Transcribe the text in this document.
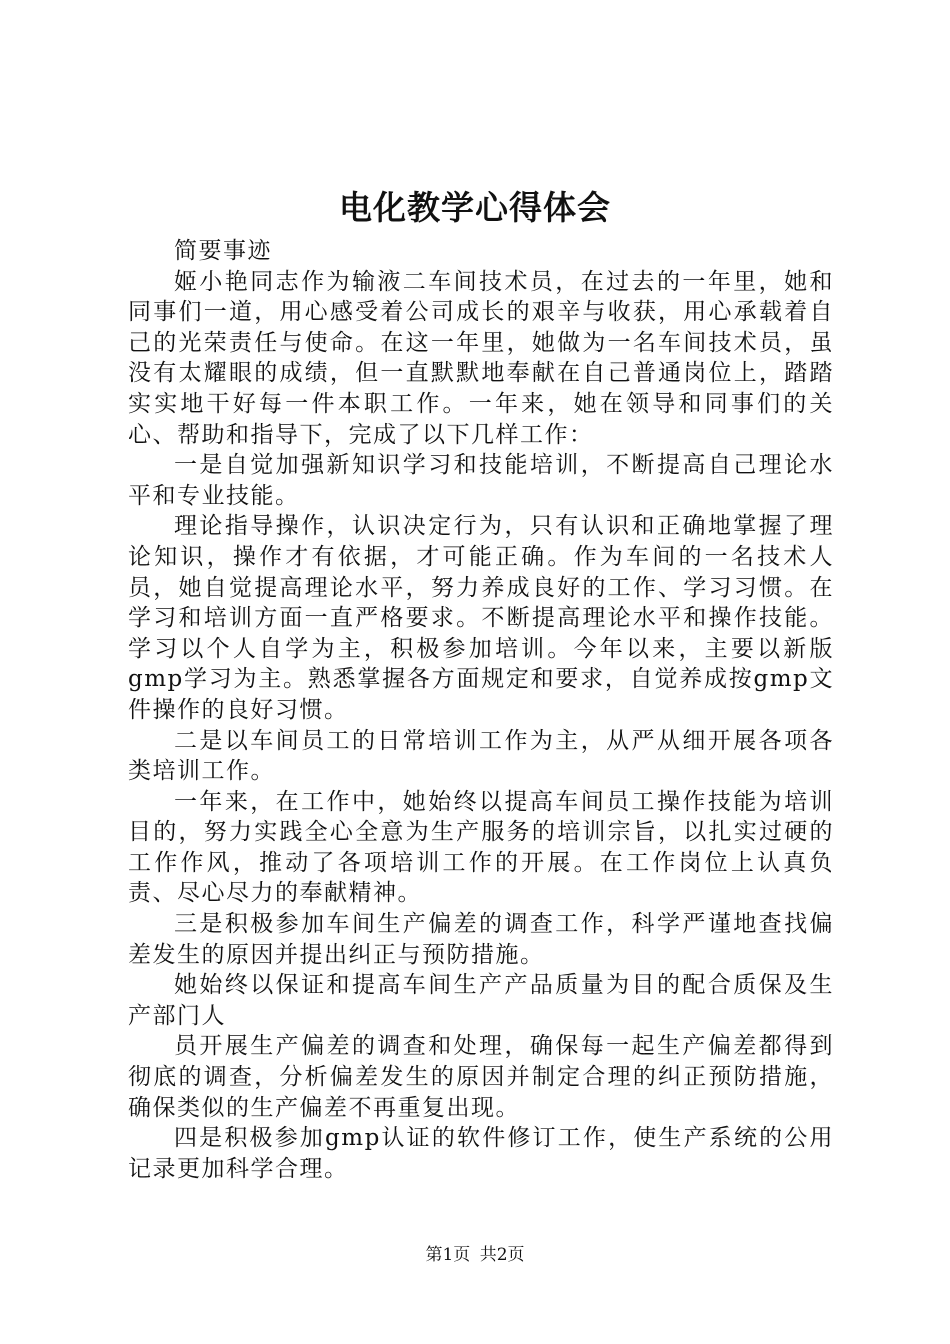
电化教学心得体会

简要事迹

姬小艳同志作为输液二车间技术员，在过去的一年里，她和同事们一道，用心感受着公司成长的艰辛与收获，用心承载着自己的光荣责任与使命。在这一年里，她做为一名车间技术员，虽没有太耀眼的成绩，但一直默默地奉献在自己普通岗位上，踏踏实实地干好每一件本职工作。一年来，她在领导和同事们的关心、帮助和指导下，完成了以下几样工作：

一是自觉加强新知识学习和技能培训，不断提高自己理论水平和专业技能。

理论指导操作，认识决定行为，只有认识和正确地掌握了理论知识，操作才有依据，才可能正确。作为车间的一名技术人员，她自觉提高理论水平，努力养成良好的工作、学习习惯。在学习和培训方面一直严格要求。不断提高理论水平和操作技能。学习以个人自学为主，积极参加培训。今年以来，主要以新版gmp学习为主。熟悉掌握各方面规定和要求，自觉养成按gmp文件操作的良好习惯。

二是以车间员工的日常培训工作为主，从严从细开展各项各类培训工作。

一年来，在工作中，她始终以提高车间员工操作技能为培训目的，努力实践全心全意为生产服务的培训宗旨，以扎实过硬的工作作风，推动了各项培训工作的开展。在工作岗位上认真负责、尽心尽力的奉献精神。

三是积极参加车间生产偏差的调查工作，科学严谨地查找偏差发生的原因并提出纠正与预防措施。

她始终以保证和提高车间生产产品质量为目的配合质保及生产部门人

员开展生产偏差的调查和处理，确保每一起生产偏差都得到彻底的调查，分析偏差发生的原因并制定合理的纠正预防措施，确保类似的生产偏差不再重复出现。

四是积极参加gmp认证的软件修订工作，使生产系统的公用记录更加科学合理。

第1页 共2页
